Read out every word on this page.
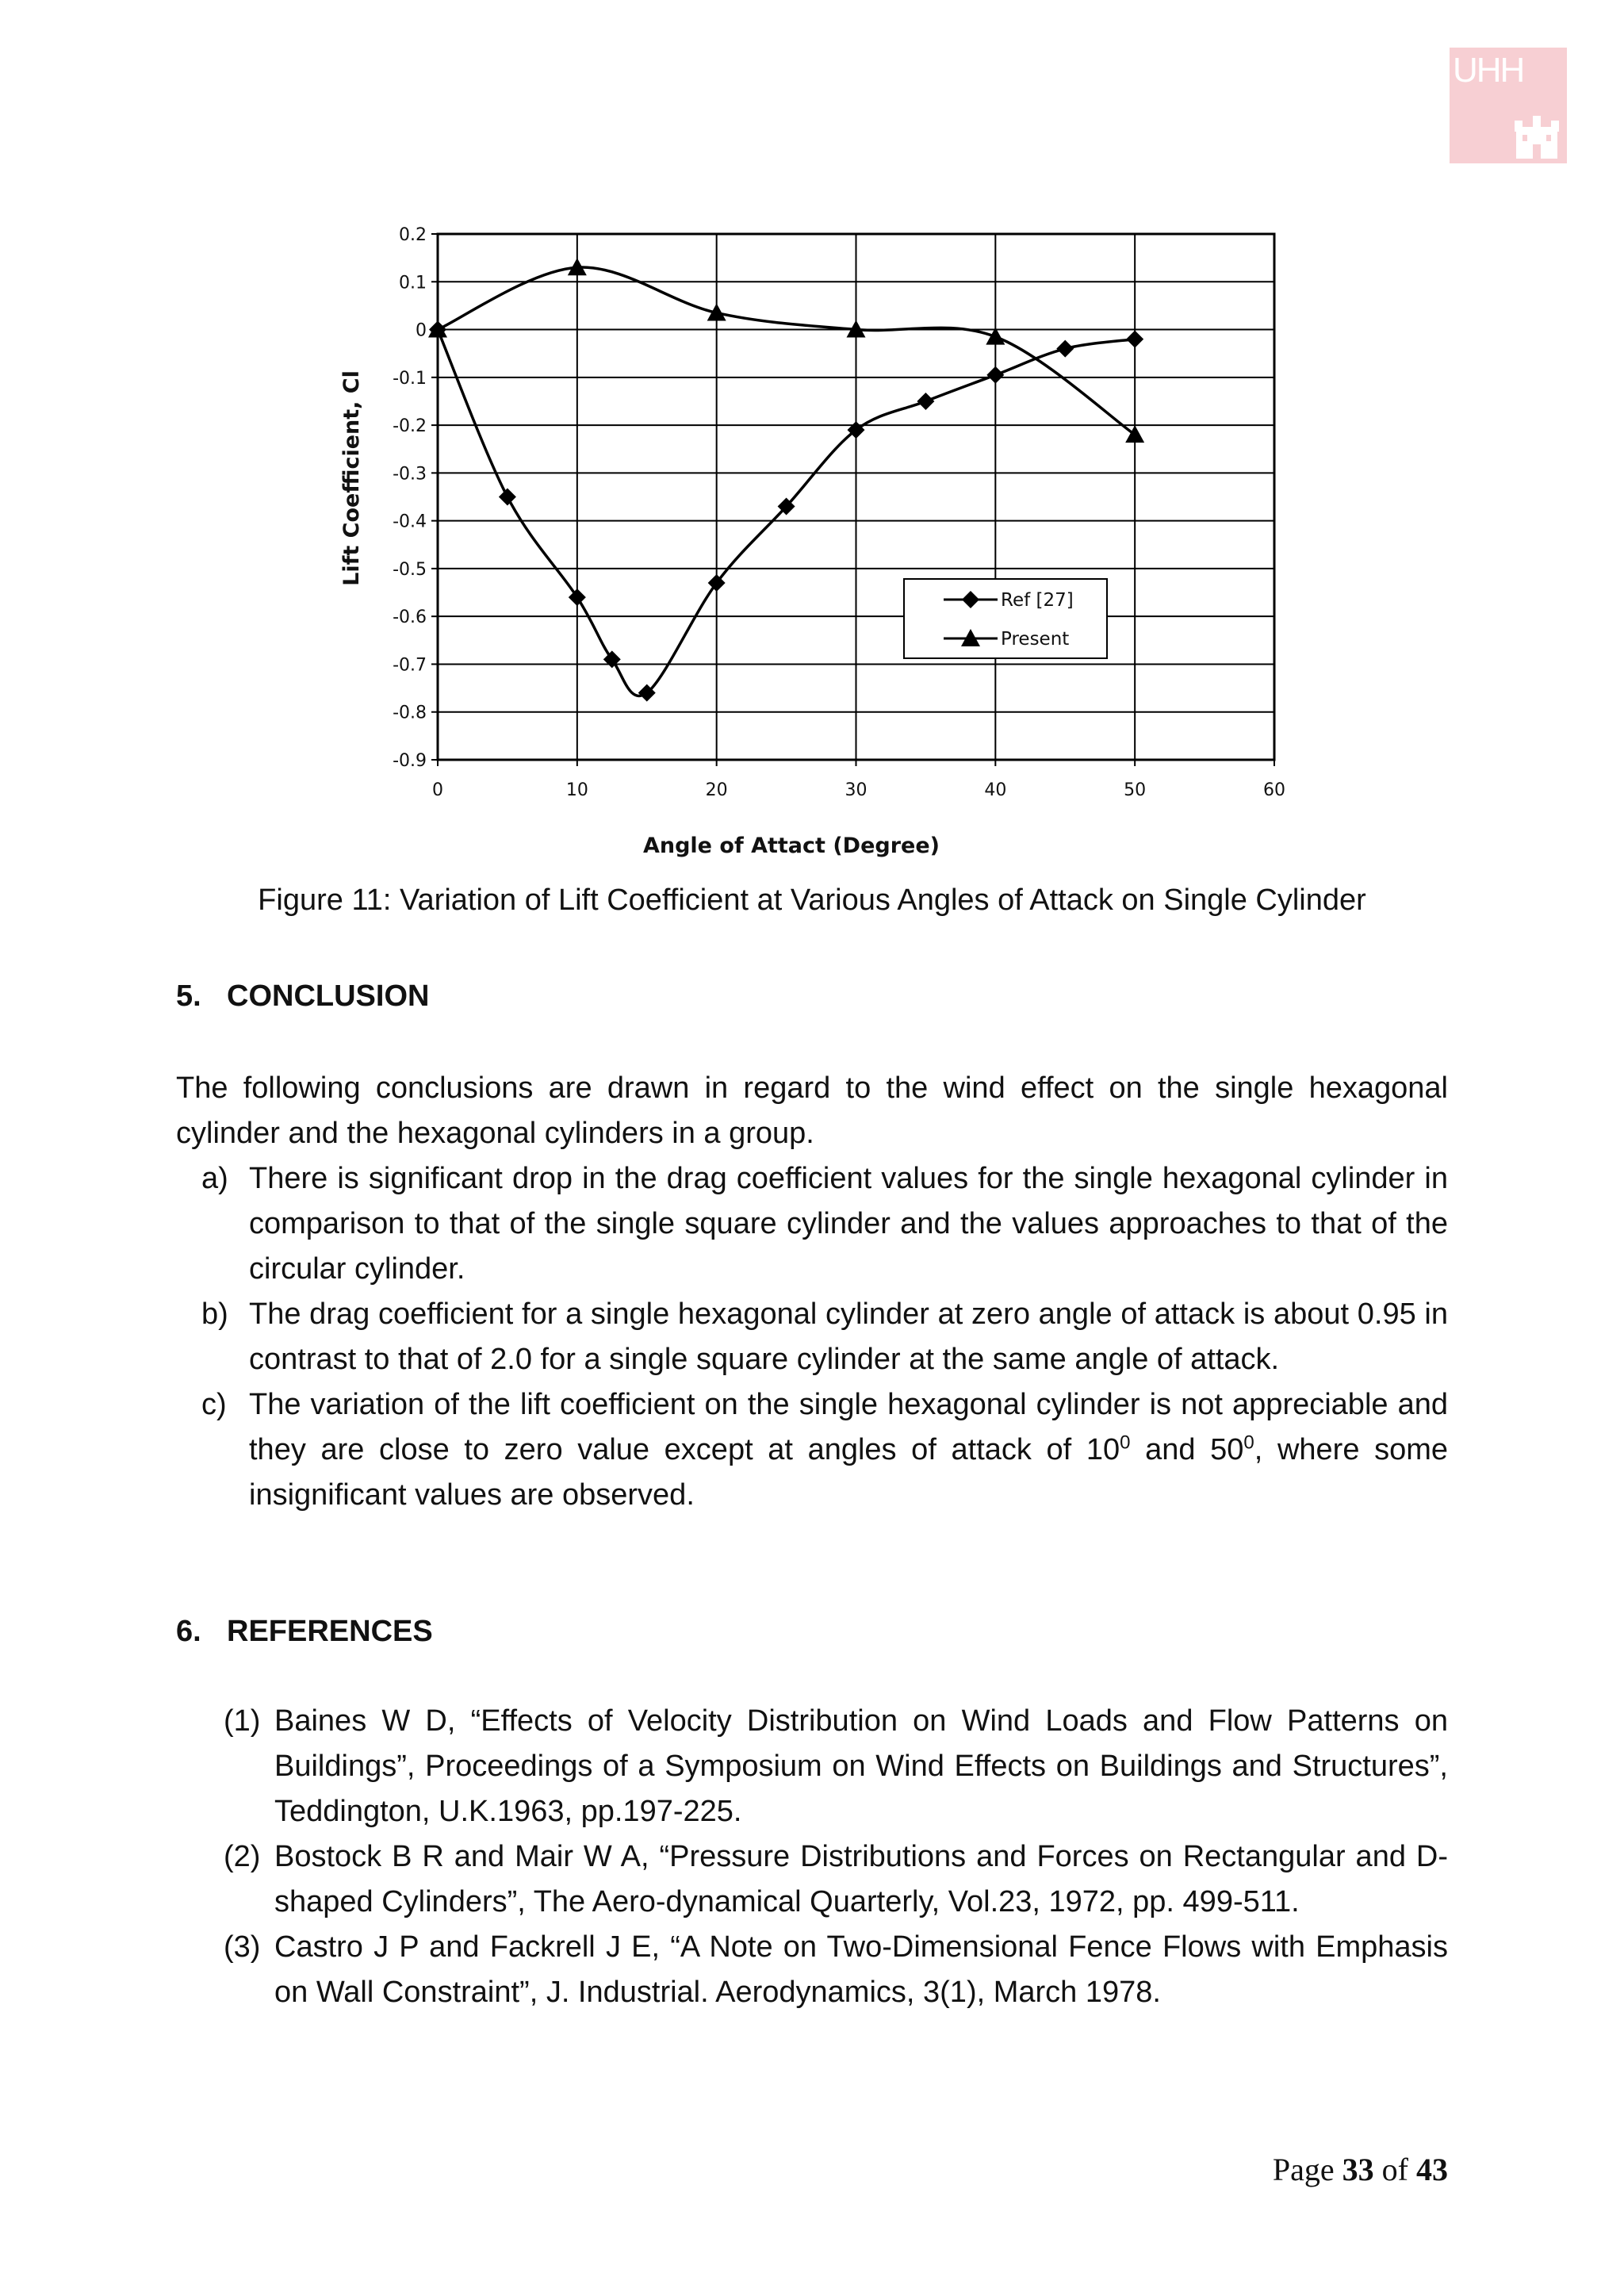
UHH
0.2
0.1
0
-0.1
-0.2
-0.3
-0.4
-0.5
-0.6
-0.7
-0.8
-0.9
0	10	20	30	40	50	60
Angle of Attact (Degree)
Lift Coefficient, Cl
Ref [27]
Present
Figure 11: Variation of Lift Coefficient at Various Angles of Attack on Single Cylinder
5. CONCLUSION

The following conclusions are drawn in regard to the wind effect on the single hexagonal cylinder and the hexagonal cylinders in a group.

a) There is significant drop in the drag coefficient values for the single hexagonal cylinder in comparison to that of the single square cylinder and the values approaches to that of the circular cylinder.
b) The drag coefficient for a single hexagonal cylinder at zero angle of attack is about 0.95 in contrast to that of 2.0 for a single square cylinder at the same angle of attack.
c) The variation of the lift coefficient on the single hexagonal cylinder is not appreciable and they are close to zero value except at angles of attack of $10^0$ and $50^0$, where some insignificant values are observed.
6. REFERENCES
(1) Baines W D, “Effects of Velocity Distribution on Wind Loads and Flow Patterns on Buildings”, Proceedings of a Symposium on Wind Effects on Buildings and Structures”, Teddington, U.K.1963, pp.197-225.
(2) Bostock B R and Mair W A, “Pressure Distributions and Forces on Rectangular and D-shaped Cylinders”, The Aero-dynamical Quarterly, Vol.23, 1972, pp. 499-511.
(3) Castro J P and Fackrell J E, “A Note on Two-Dimensional Fence Flows with Emphasis on Wall Constraint”, J. Industrial. Aerodynamics, 3(1), March 1978.
Page 33 of 43
